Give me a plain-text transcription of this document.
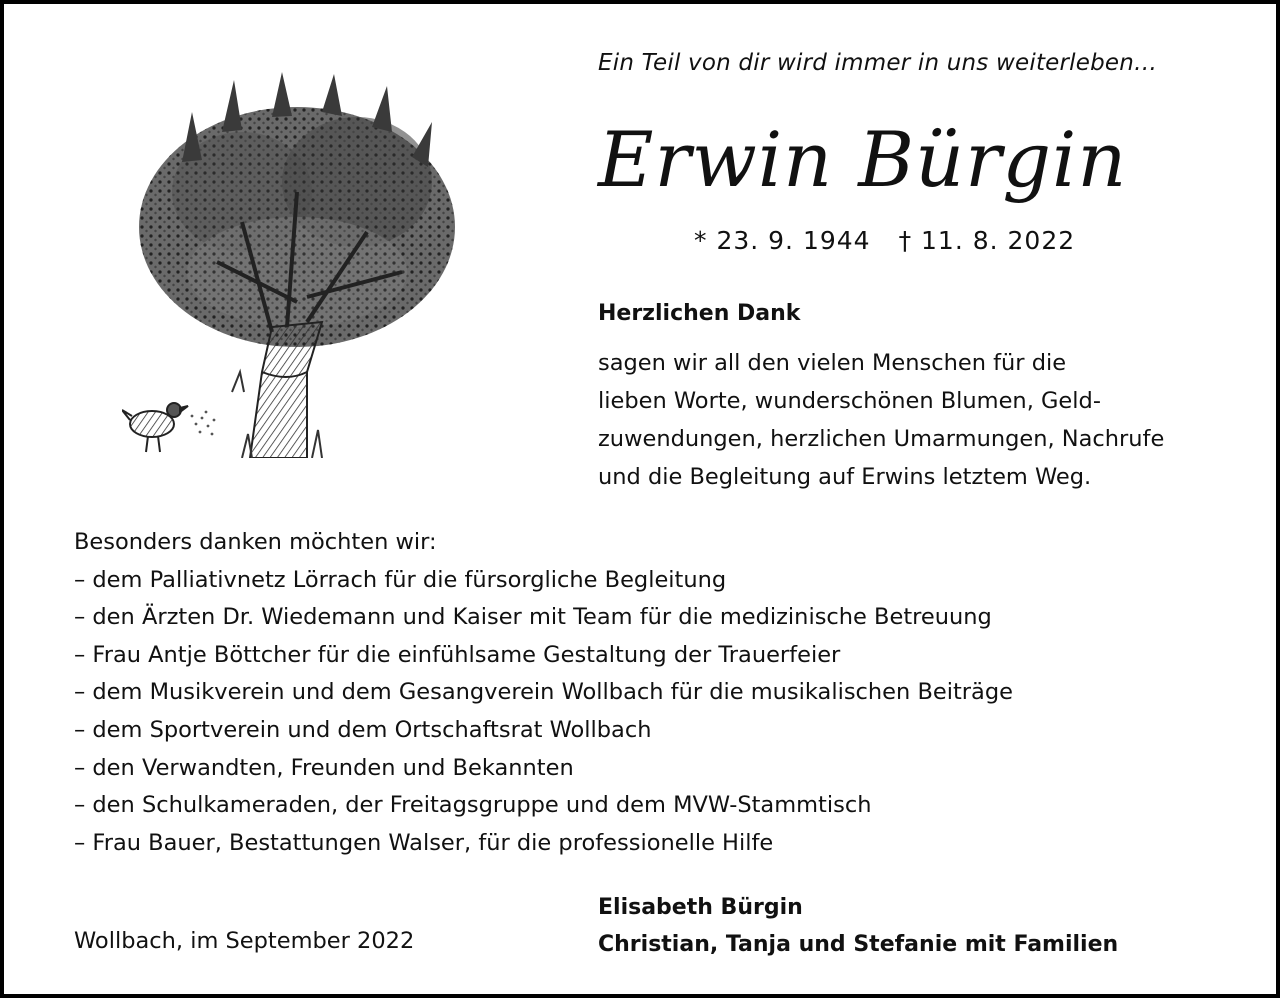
Ein Teil von dir wird immer in uns weiterleben…
Erwin Bürgin
* 23. 9. 1944 † 11. 8. 2022
Herzlichen Dank
sagen wir all den vielen Menschen für die
lieben Worte, wunderschönen Blumen, Geld-
zuwendungen, herzlichen Umarmungen, Nachrufe
und die Begleitung auf Erwins letztem Weg.
Besonders danken möchten wir:
– dem Palliativnetz Lörrach für die fürsorgliche Begleitung
– den Ärzten Dr. Wiedemann und Kaiser mit Team für die medizinische Betreuung
– Frau Antje Böttcher für die einfühlsame Gestaltung der Trauerfeier
– dem Musikverein und dem Gesangverein Wollbach für die musikalischen Beiträge
– dem Sportverein und dem Ortschaftsrat Wollbach
– den Verwandten, Freunden und Bekannten
– den Schulkameraden, der Freitagsgruppe und dem MVW-Stammtisch
– Frau Bauer, Bestattungen Walser, für die professionelle Hilfe
Elisabeth Bürgin
Christian, Tanja und Stefanie mit Familien
Wollbach, im September 2022
